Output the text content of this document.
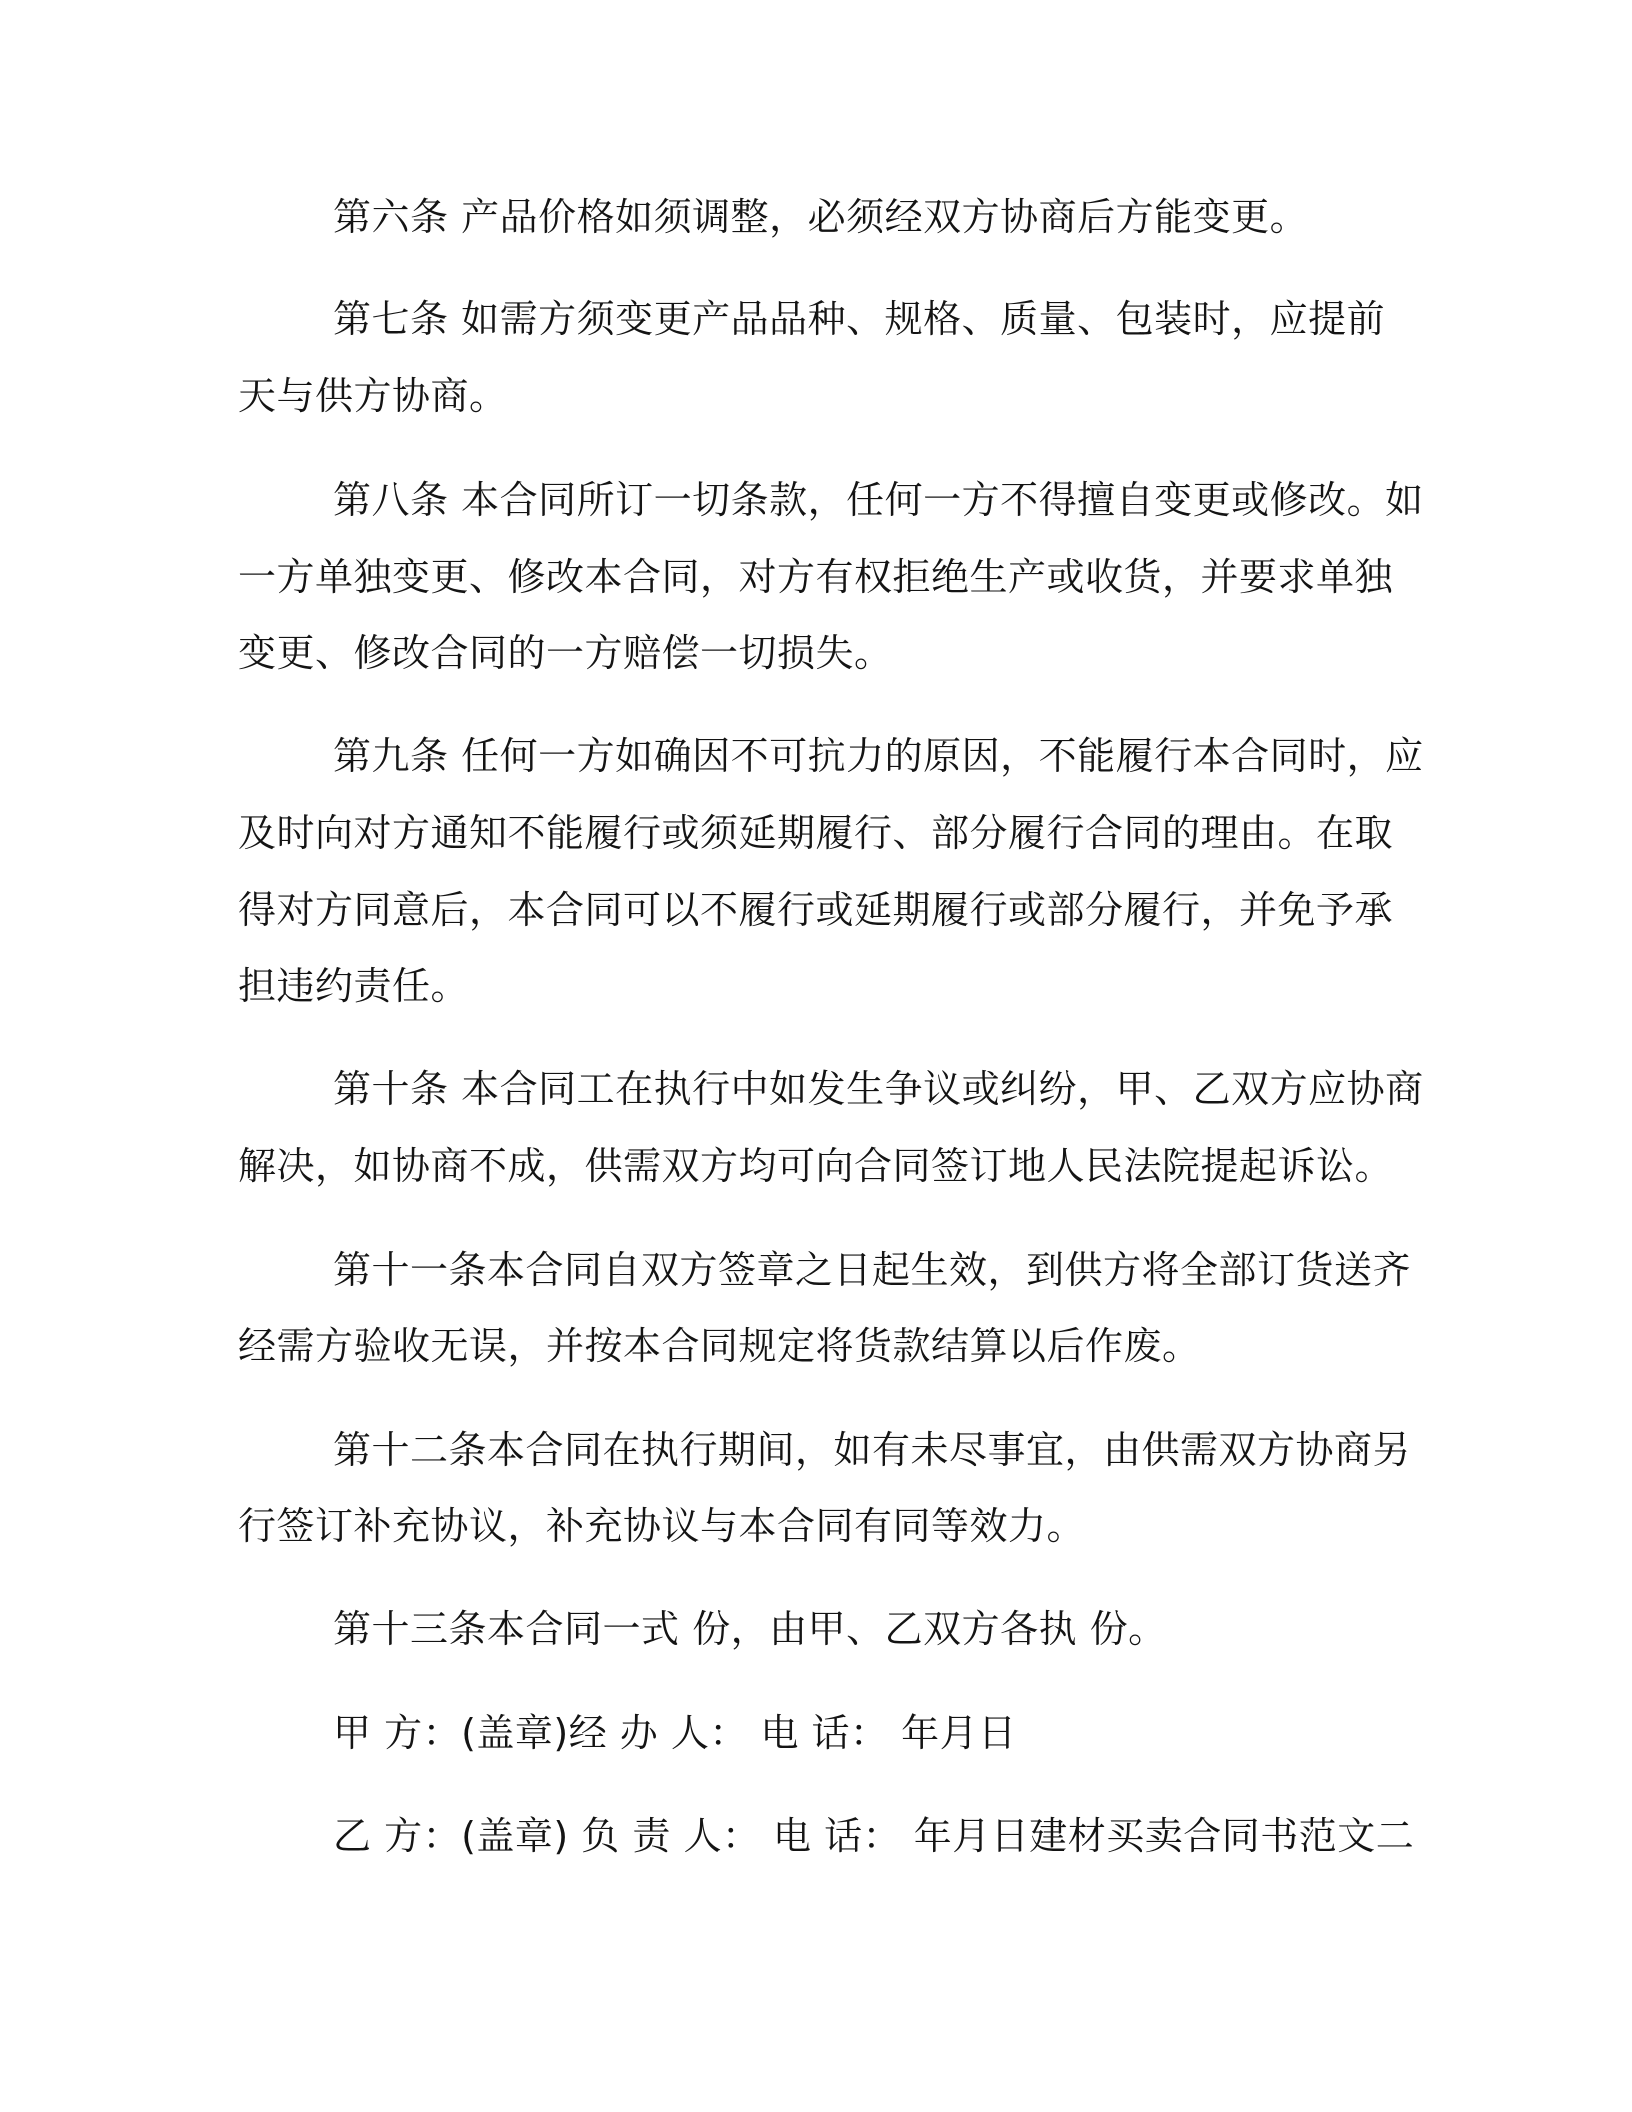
第六条 产品价格如须调整，必须经双方协商后方能变更。
第七条 如需方须变更产品品种、规格、质量、包装时，应提前
天与供方协商。
第八条 本合同所订一切条款，任何一方不得擅自变更或修改。如
一方单独变更、修改本合同，对方有权拒绝生产或收货，并要求单独
变更、修改合同的一方赔偿一切损失。
第九条 任何一方如确因不可抗力的原因，不能履行本合同时，应
及时向对方通知不能履行或须延期履行、部分履行合同的理由。在取
得对方同意后，本合同可以不履行或延期履行或部分履行，并免予承
担违约责任。
第十条 本合同工在执行中如发生争议或纠纷，甲、乙双方应协商
解决，如协商不成，供需双方均可向合同签订地人民法院提起诉讼。
第十一条本合同自双方签章之日起生效，到供方将全部订货送齐
经需方验收无误，并按本合同规定将货款结算以后作废。
第十二条本合同在执行期间，如有未尽事宜，由供需双方协商另
行签订补充协议，补充协议与本合同有同等效力。
第十三条本合同一式 份，由甲、乙双方各执 份。
甲 方：(盖章)经 办 人： 电 话： 年月日
乙 方：(盖章) 负 责 人： 电 话： 年月日建材买卖合同书范文二
